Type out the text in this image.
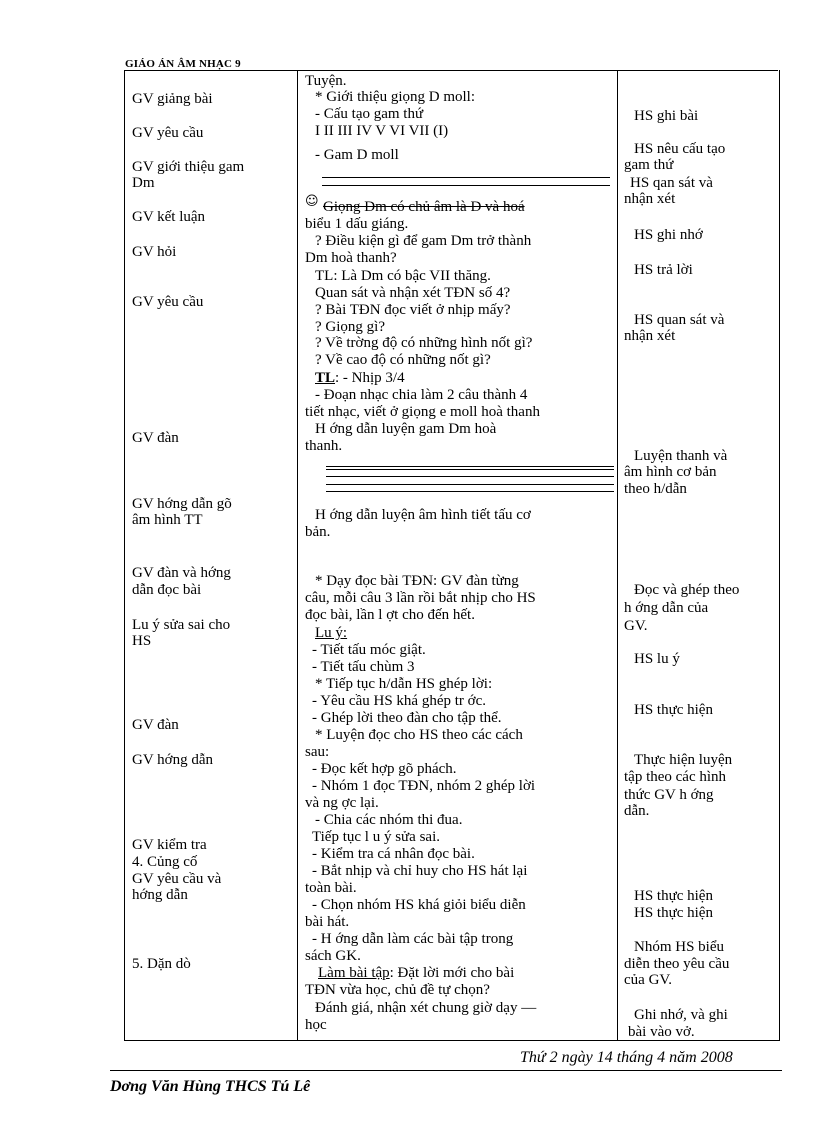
GIÁO ÁN ÂM NHẠC 9
GV giảng bài
GV yêu cầu
GV giới thiệu gam
Dm
GV kết luận
GV hỏi
GV yêu cầu
GV đàn
GV hớng dẫn gõ
âm hình TT
GV đàn và hớng
dẫn đọc bài
Lu ý sửa sai cho
HS
GV đàn
GV hớng dẫn
GV kiểm tra
4. Củng cố
GV yêu cầu và
hớng dẫn
5. Dặn dò
Tuyện.
* Giới thiệu giọng D moll:
- Cấu tạo gam thứ
I II III IV V VI VII (I)
- Gam D moll
☺ Giọng Dm có chủ âm là D và hoá
biểu 1 dấu giáng.
? Điều kiện gì để gam Dm trở thành
Dm hoà thanh?
TL: Là Dm có bậc VII thăng.
Quan sát và nhận xét TĐN số 4?
? Bài TĐN đọc viết ở nhịp mấy?
? Giọng gì?
? Về trờng độ có những hình nốt gì?
? Về cao độ có những nốt gì?
TL: - Nhịp 3/4
- Đoạn nhạc chia làm 2 câu thành 4
tiết nhạc, viết ở giọng e moll hoà thanh
H ớng dẫn luyện gam Dm hoà
thanh.
H ớng dẫn luyện âm hình tiết tấu cơ
bản.
* Dạy đọc bài TĐN: GV đàn từng
câu, mỗi câu 3 lần rồi bắt nhịp cho HS
đọc bài, lần l ợt cho đến hết.
Lu ý:
- Tiết tấu móc giật.
- Tiết tấu chùm 3
* Tiếp tục h/dẫn HS ghép lời:
- Yêu cầu HS khá ghép tr ớc.
- Ghép lời theo đàn cho tập thể.
* Luyện đọc cho HS theo các cách
sau:
- Đọc kết hợp gõ phách.
- Nhóm 1 đọc TĐN, nhóm 2 ghép lời
và ng ợc lại.
- Chia các nhóm thi đua.
Tiếp tục l u ý sửa sai.
- Kiểm tra cá nhân đọc bài.
- Bắt nhịp và chỉ huy cho HS hát lại
toàn bài.
- Chọn nhóm HS khá giỏi biểu diễn
bài hát.
- H ớng dẫn làm các bài tập trong
sách GK.
Làm bài tập: Đặt lời mới cho bài
TĐN vừa học, chủ đề tự chọn?
Đánh giá, nhận xét chung giờ dạy —
học
HS ghi bài
HS nêu cấu tạo
gam thứ
HS qan sát và
nhận xét
HS ghi nhớ
HS trả lời
HS quan sát và
nhận xét
Luyện thanh và
âm hình cơ bản
theo h/dẫn
Đọc và ghép theo
h ớng dẫn của
GV.
HS lu ý
HS thực hiện
Thực hiện luyện
tập theo các hình
thức GV h ớng
dẫn.
HS thực hiện
HS thực hiện
Nhóm HS biểu
diễn theo yêu cầu
của GV.
Ghi nhớ, và ghi
bài vào vở.
Thứ 2 ngày 14 tháng 4 năm 2008
Dơng Văn Hùng THCS Tú Lê
